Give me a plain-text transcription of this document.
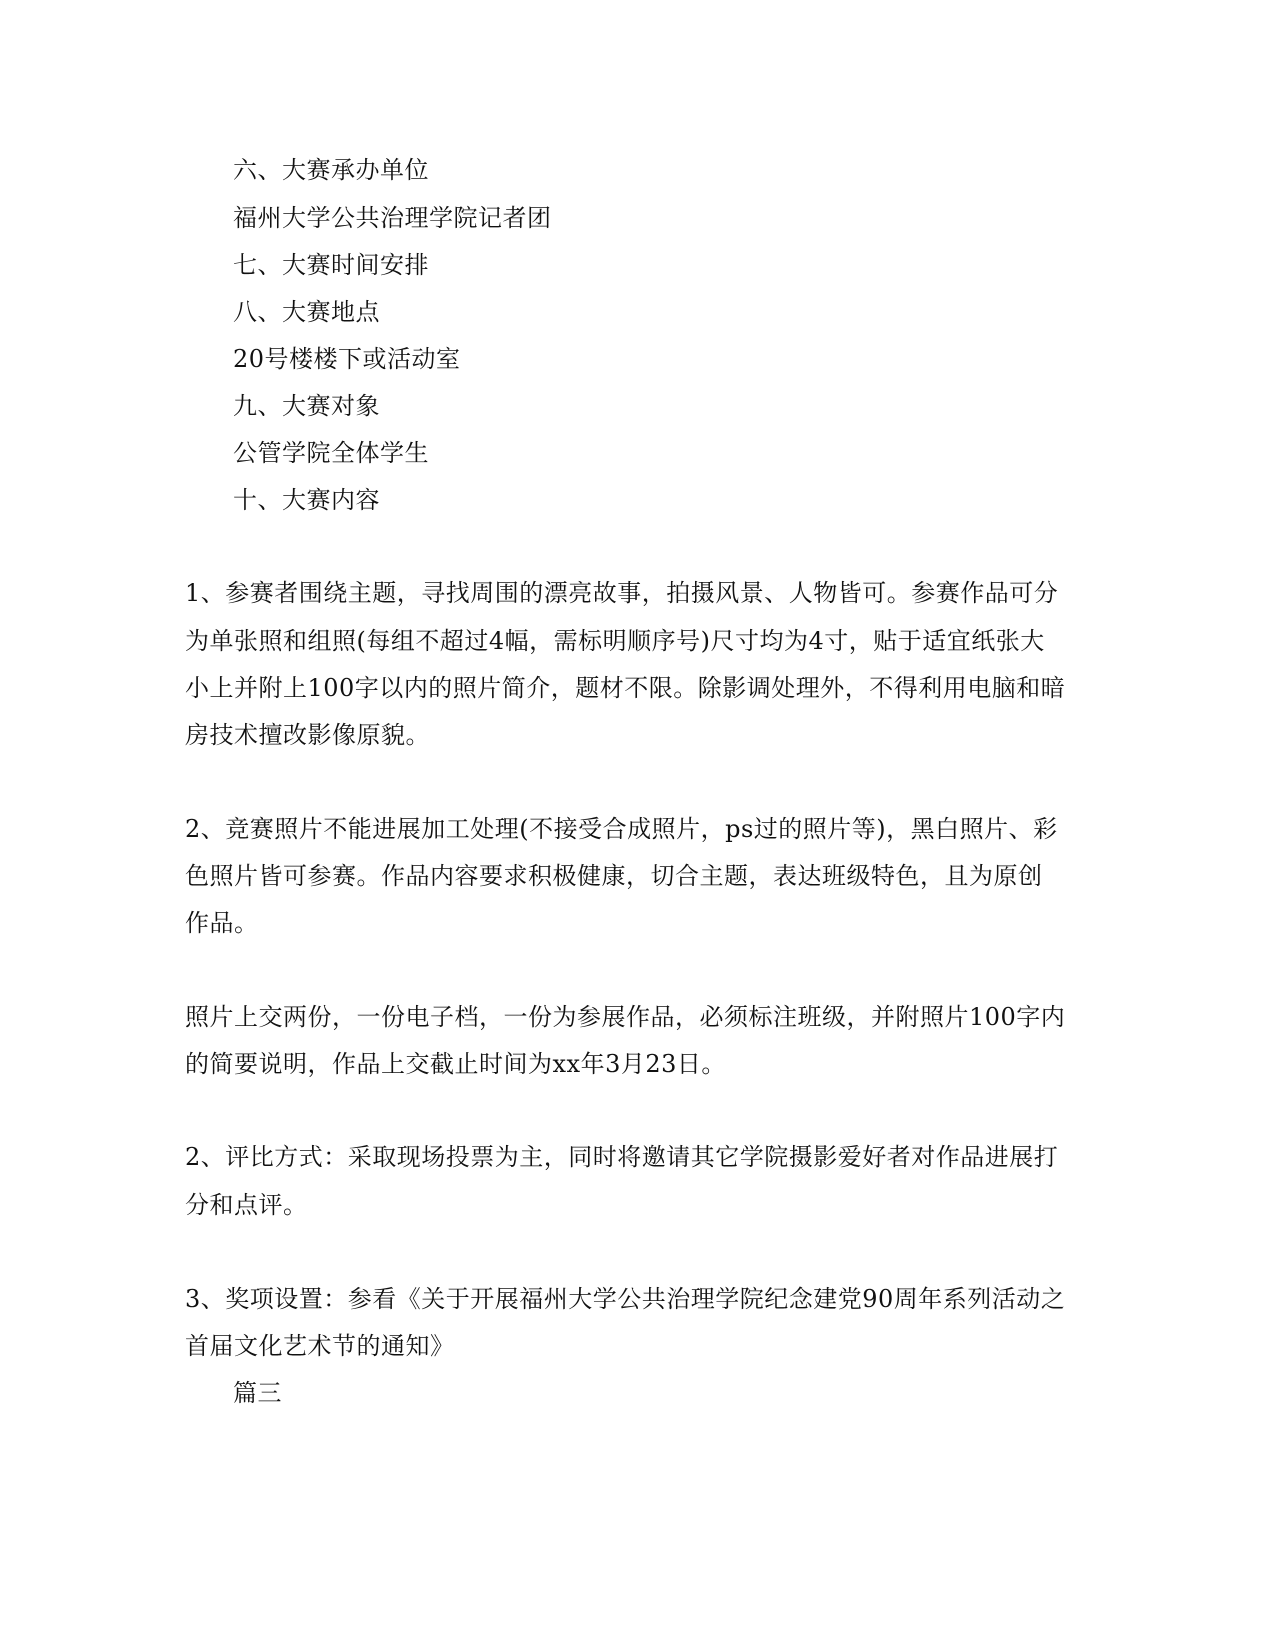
六、大赛承办单位
福州大学公共治理学院记者团
七、大赛时间安排
八、大赛地点
20号楼楼下或活动室
九、大赛对象
公管学院全体学生
十、大赛内容
1、参赛者围绕主题，寻找周围的漂亮故事，拍摄风景、人物皆可。参赛作品可分
为单张照和组照(每组不超过4幅，需标明顺序号)尺寸均为4寸，贴于适宜纸张大
小上并附上100字以内的照片简介，题材不限。除影调处理外，不得利用电脑和暗
房技术擅改影像原貌。
2、竞赛照片不能进展加工处理(不接受合成照片，ps过的照片等)，黑白照片、彩
色照片皆可参赛。作品内容要求积极健康，切合主题，表达班级特色，且为原创
作品。
照片上交两份，一份电子档，一份为参展作品，必须标注班级，并附照片100字内
的简要说明，作品上交截止时间为xx年3月23日。
2、评比方式：采取现场投票为主，同时将邀请其它学院摄影爱好者对作品进展打
分和点评。
3、奖项设置：参看《关于开展福州大学公共治理学院纪念建党90周年系列活动之
首届文化艺术节的通知》
篇三
